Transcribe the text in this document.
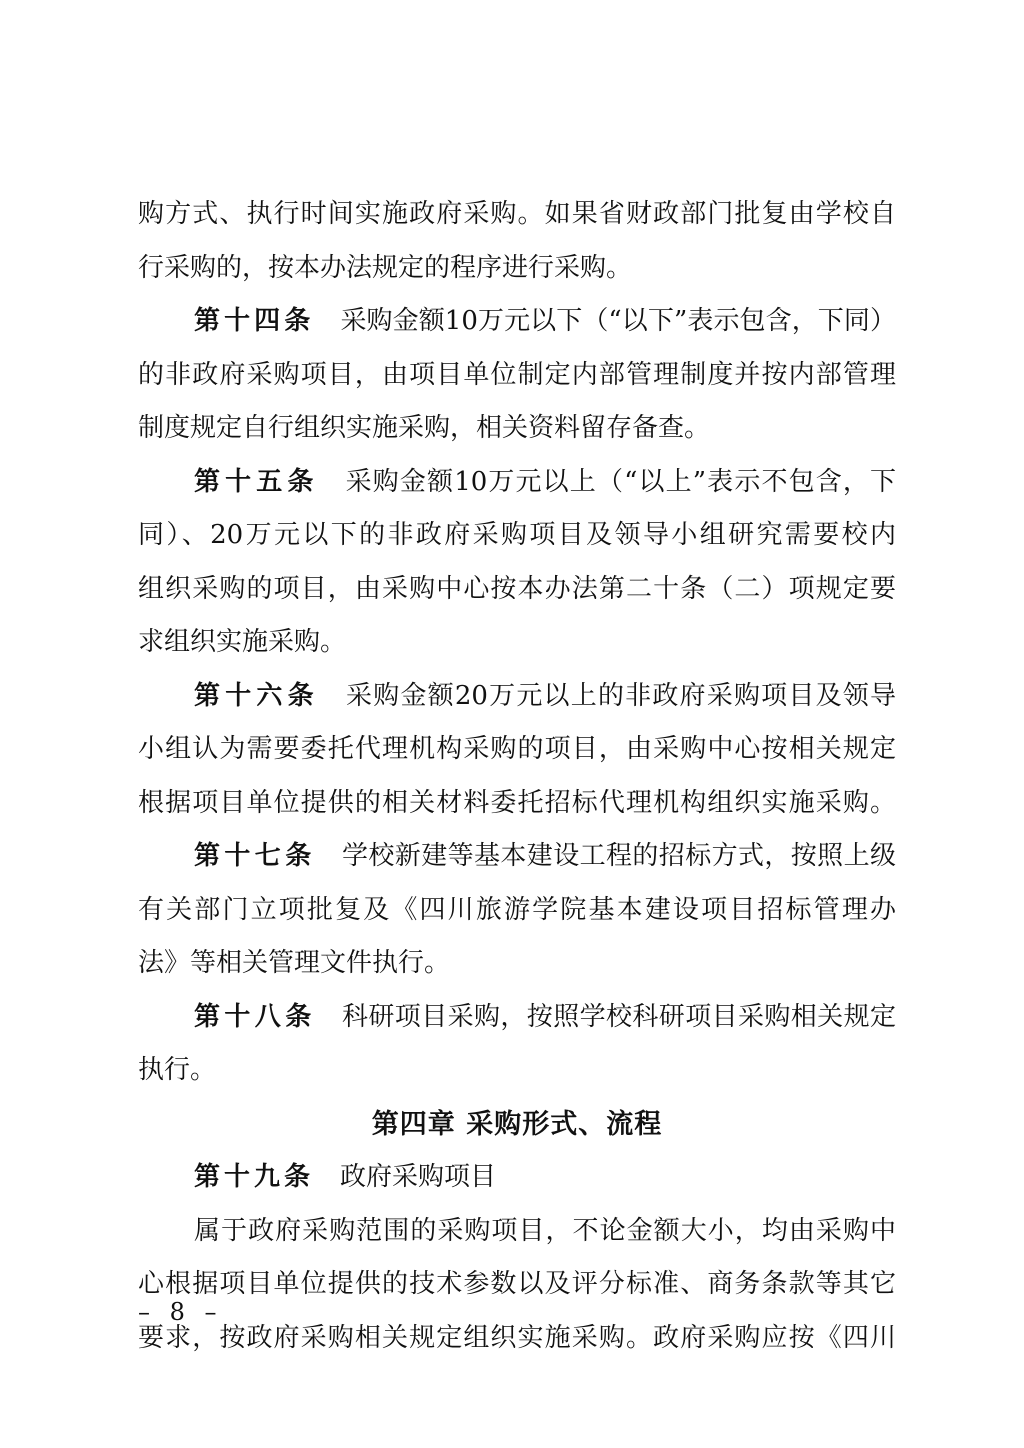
购方式、执行时间实施政府采购。如果省财政部门批复由学校自
行采购的，按本办法规定的程序进行采购。
第十四条 采购金额10万元以下（“以下”表示包含，下同）
的非政府采购项目，由项目单位制定内部管理制度并按内部管理
制度规定自行组织实施采购，相关资料留存备查。
第十五条 采购金额10万元以上（“以上”表示不包含，下
同）、20万元以下的非政府采购项目及领导小组研究需要校内
组织采购的项目，由采购中心按本办法第二十条（二）项规定要
求组织实施采购。
第十六条 采购金额20万元以上的非政府采购项目及领导
小组认为需要委托代理机构采购的项目，由采购中心按相关规定
根据项目单位提供的相关材料委托招标代理机构组织实施采购。
第十七条 学校新建等基本建设工程的招标方式，按照上级
有关部门立项批复及《四川旅游学院基本建设项目招标管理办
法》等相关管理文件执行。
第十八条 科研项目采购，按照学校科研项目采购相关规定
执行。
第四章 采购形式、流程
第十九条 政府采购项目
属于政府采购范围的采购项目，不论金额大小，均由采购中
心根据项目单位提供的技术参数以及评分标准、商务条款等其它
要求，按政府采购相关规定组织实施采购。政府采购应按《四川
– 8 –
